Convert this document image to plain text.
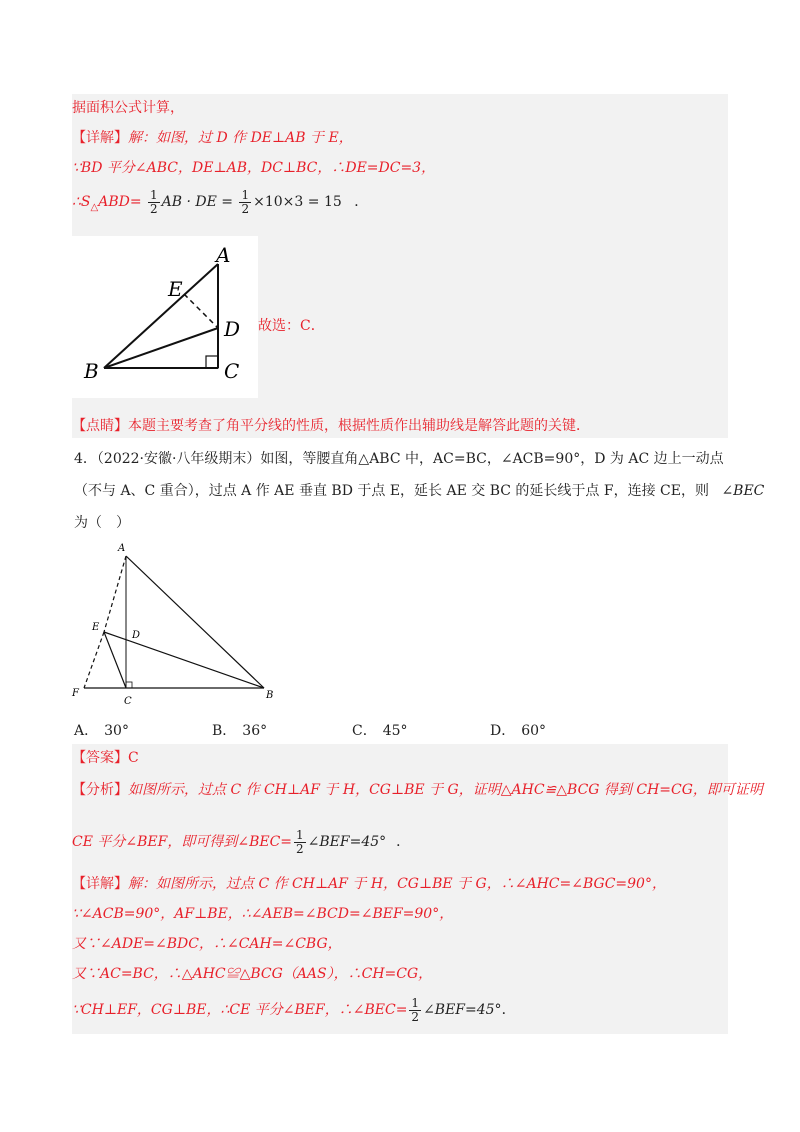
据面积公式计算，
【详解】解：如图，过 D 作 DE⊥AB 于 E，
∵BD 平分∠ABC，DE⊥AB，DC⊥BC，∴DE=DC=3，
$\therefore S_\triangle ABD= \frac{1}{2}$ AB · DE = $\frac{1}{2} \times 10\times 3 = 15$ ．
故选：C．
【点睛】本题主要考查了角平分线的性质，根据性质作出辅助线是解答此题的关键．
A
B	C
D
E
4．（2022·安徽·八年级期末）如图，等腰直角△ABC 中，AC=BC，∠ACB=90°，D 为 AC 边上一动点
（不与 A、C 重合），过点 A 作 AE 垂直 BD 于点 E，延长 AE 交 BC 的延长线于点 F，连接 CE，则 ∠BEC
为（　）
A
B
C
D
E
F
A． 30°	B． 36°	C． 45°	D． 60°
【答案】C
【分析】如图所示，过点 C 作 CH⊥AF 于 H，CG⊥BE 于 G，证明△AHC≌△BCG 得到 CH=CG，即可证明
CE 平分∠BEF，即可得到∠BEC= $\frac{1}{2}$ ∠BEF=45° ．
【详解】解：如图所示，过点 C 作 CH⊥AF 于 H，CG⊥BE 于 G，∴∠AHC=∠BGC=90°，
∵∠ACB=90°，AF⊥BE，∴∠AEB=∠BCD=∠BEF=90°，
又∵∠ADE=∠BDC，∴∠CAH=∠CBG，
又∵AC=BC，∴△AHC≌△BCG（AAS），∴CH=CG，
∵CH⊥EF，CG⊥BE，∴CE 平分∠BEF，∴∠BEC= $\frac{1}{2}$ ∠BEF=45°．
